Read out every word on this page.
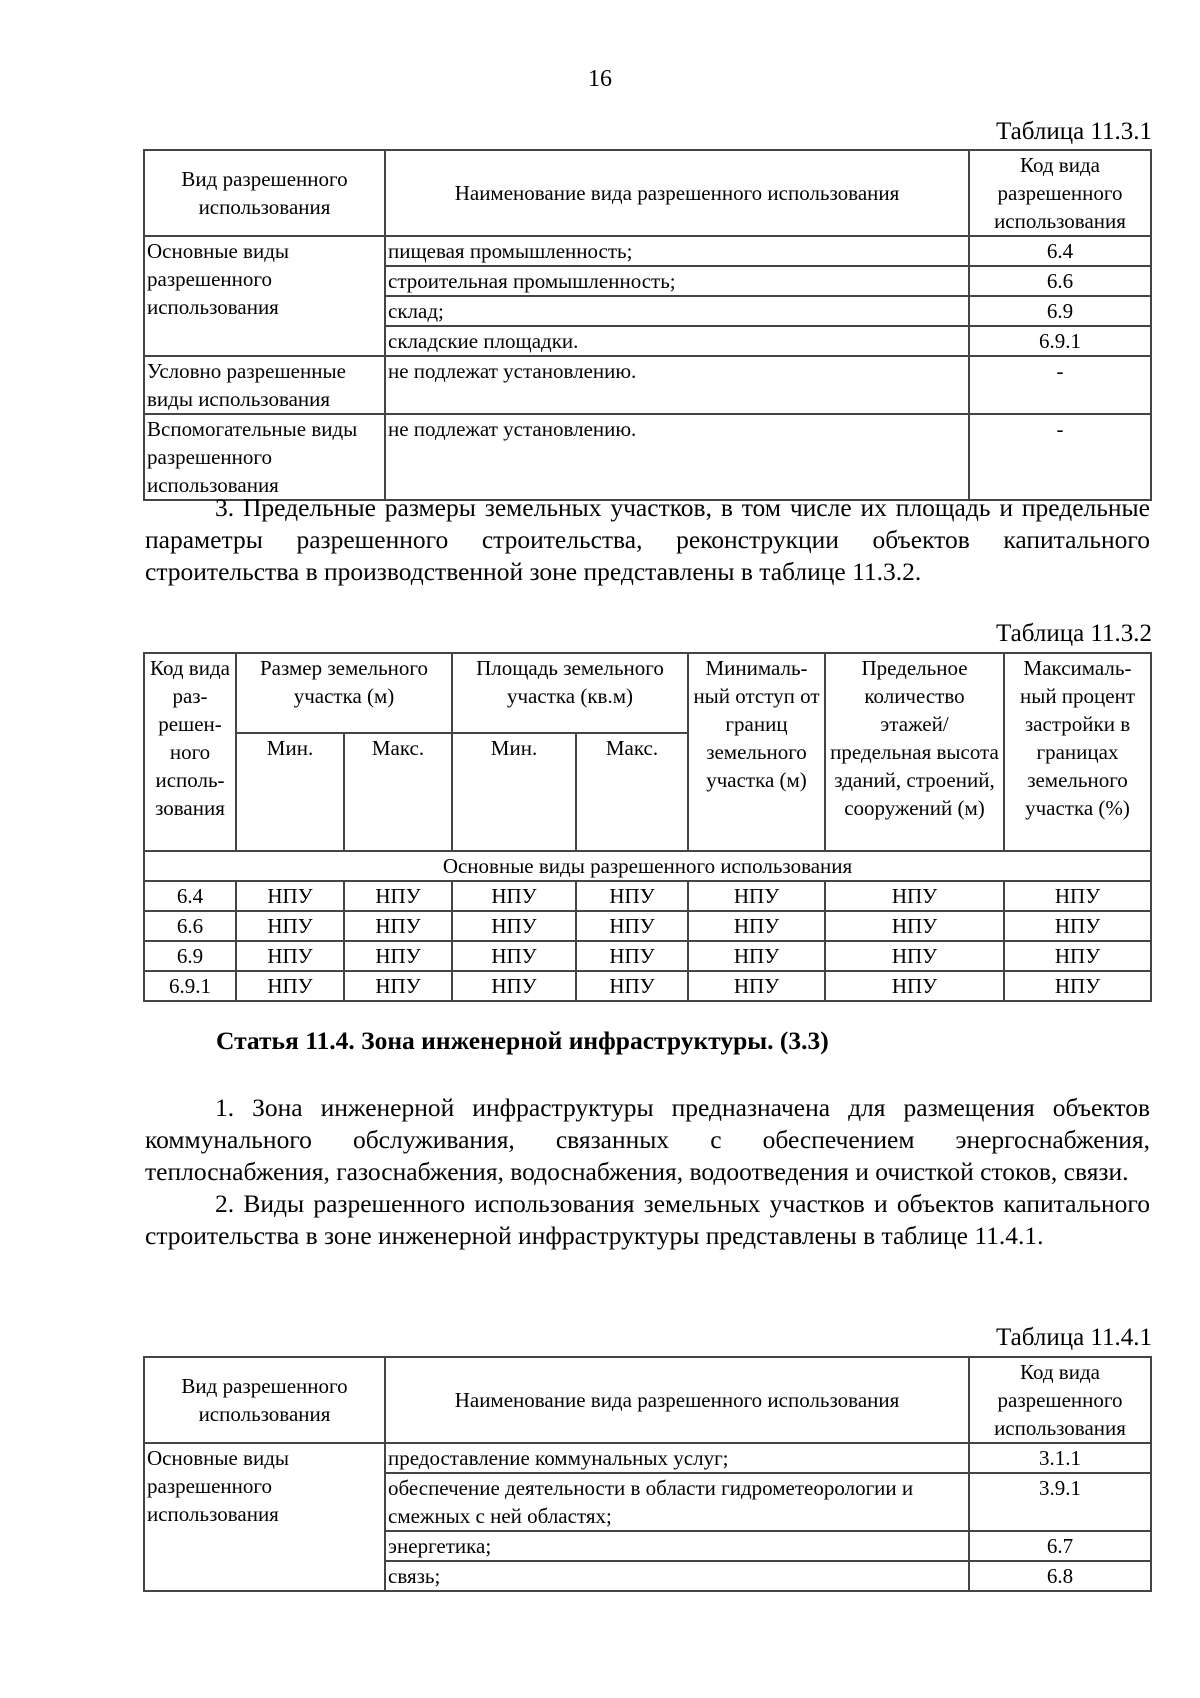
16
Таблица 11.3.1
Вид разрешенного использования	Наименование вида разрешенного использования	Код вида разрешенного использования
Основные виды разрешенного использования	пищевая промышленность;	6.4
	строительная промышленность;	6.6
	склад;	6.9
	складские площадки.	6.9.1
Условно разрешенные виды использования	не подлежат установлению.	-
Вспомогательные виды разрешенного использования	не подлежат установлению.	-

3. Предельные размеры земельных участков, в том числе их площадь и предельные параметры разрешенного строительства, реконструкции объектов капитального строительства в производственной зоне представлены в таблице 11.3.2.

Таблица 11.3.2
Код вида раз-решен-ного исполь-зования	Размер земельного участка (м)		Площадь земельного участка (кв.м)		Минималь-ный отступ от границ земельного участка (м)	Предельное количество этажей/ предельная высота зданий, строений, сооружений (м)	Максималь-ный процент застройки в границах земельного участка (%)
	Мин.	Макс.	Мин.	Макс.			
Основные виды разрешенного использования							
6.4	НПУ	НПУ	НПУ	НПУ	НПУ	НПУ	НПУ
6.6	НПУ	НПУ	НПУ	НПУ	НПУ	НПУ	НПУ
6.9	НПУ	НПУ	НПУ	НПУ	НПУ	НПУ	НПУ
6.9.1	НПУ	НПУ	НПУ	НПУ	НПУ	НПУ	НПУ
Статья 11.4. Зона инженерной инфраструктуры. (3.3)

1. Зона инженерной инфраструктуры предназначена для размещения объектов коммунального обслуживания, связанных с обеспечением энергоснабжения, теплоснабжения, газоснабжения, водоснабжения, водоотведения и очисткой стоков, связи.

2. Виды разрешенного использования земельных участков и объектов капитального строительства в зоне инженерной инфраструктуры представлены в таблице 11.4.1.

Таблица 11.4.1
Вид разрешенного использования	Наименование вида разрешенного использования	Код вида разрешенного использования
Основные виды разрешенного использования	предоставление коммунальных услуг;	3.1.1
	обеспечение деятельности в области гидрометеорологии и смежных с ней областях;	3.9.1
	энергетика;	6.7
	связь;	6.8
